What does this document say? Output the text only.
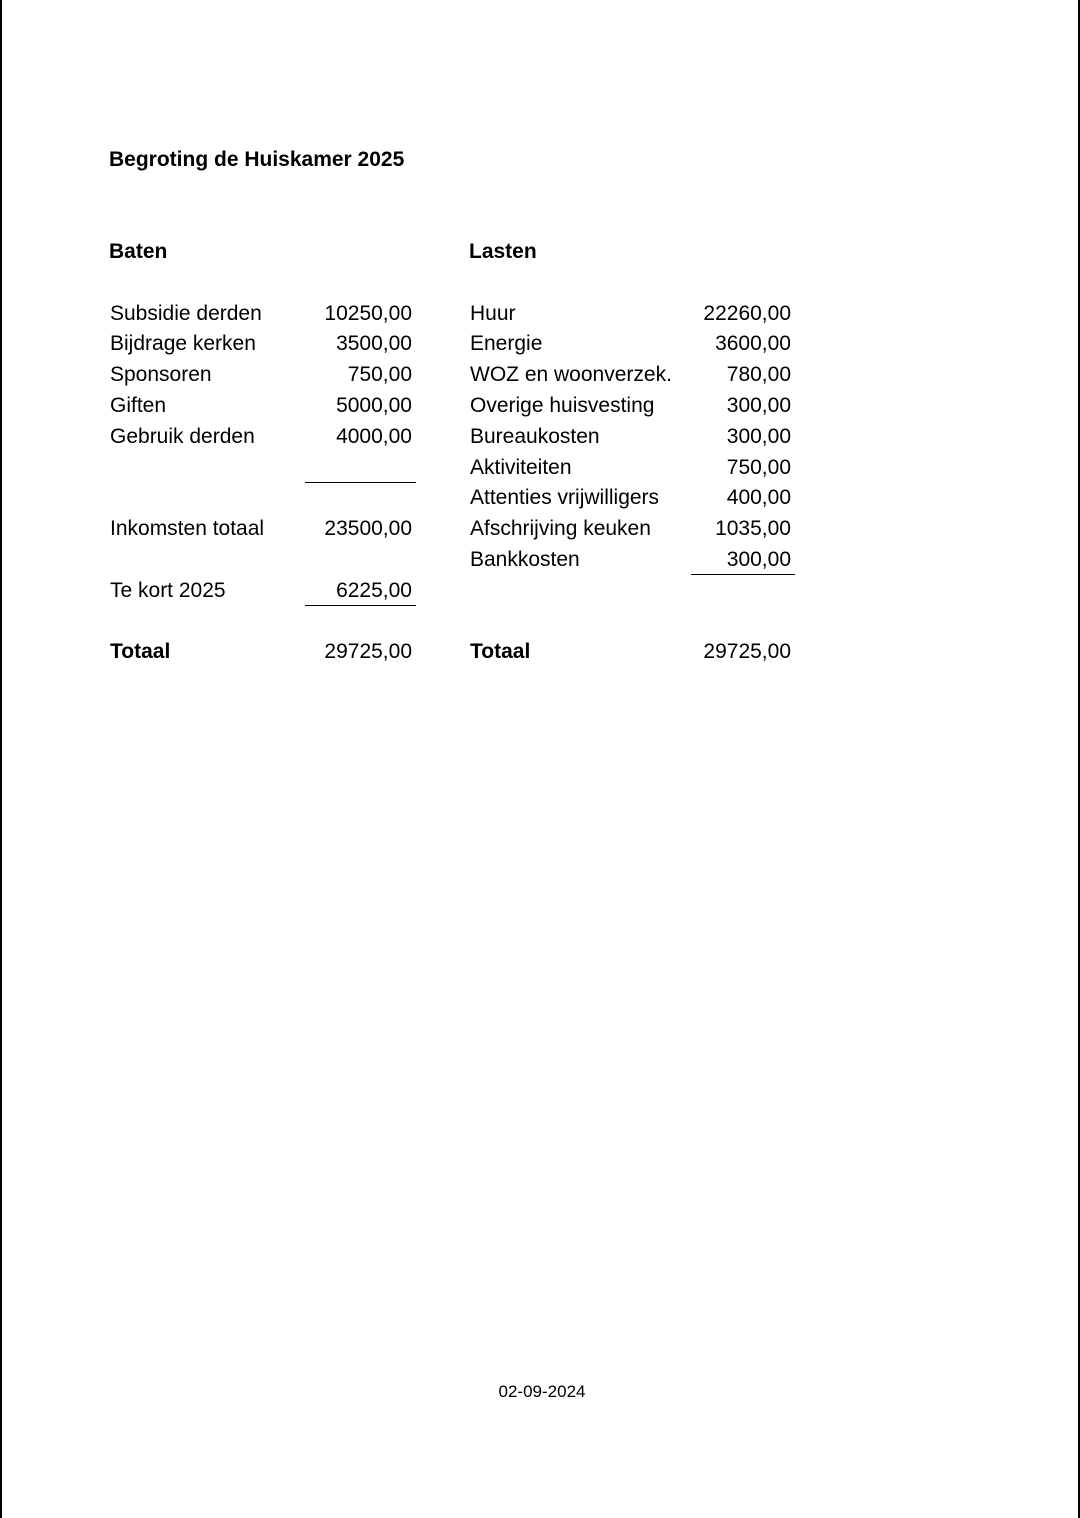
Begroting de Huiskamer 2025
Baten
Subsidie derden	10250,00
Bijdrage kerken	3500,00
Sponsoren	750,00
Giften	5000,00
Gebruik derden	4000,00
Inkomsten totaal	23500,00
Te kort 2025	6225,00
Totaal	29725,00
Lasten
Huur	22260,00
Energie	3600,00
WOZ en woonverzek.	780,00
Overige huisvesting	300,00
Bureaukosten	300,00
Aktiviteiten	750,00
Attenties vrijwilligers	400,00
Afschrijving keuken	1035,00
Bankkosten	300,00
Totaal	29725,00
02-09-2024
